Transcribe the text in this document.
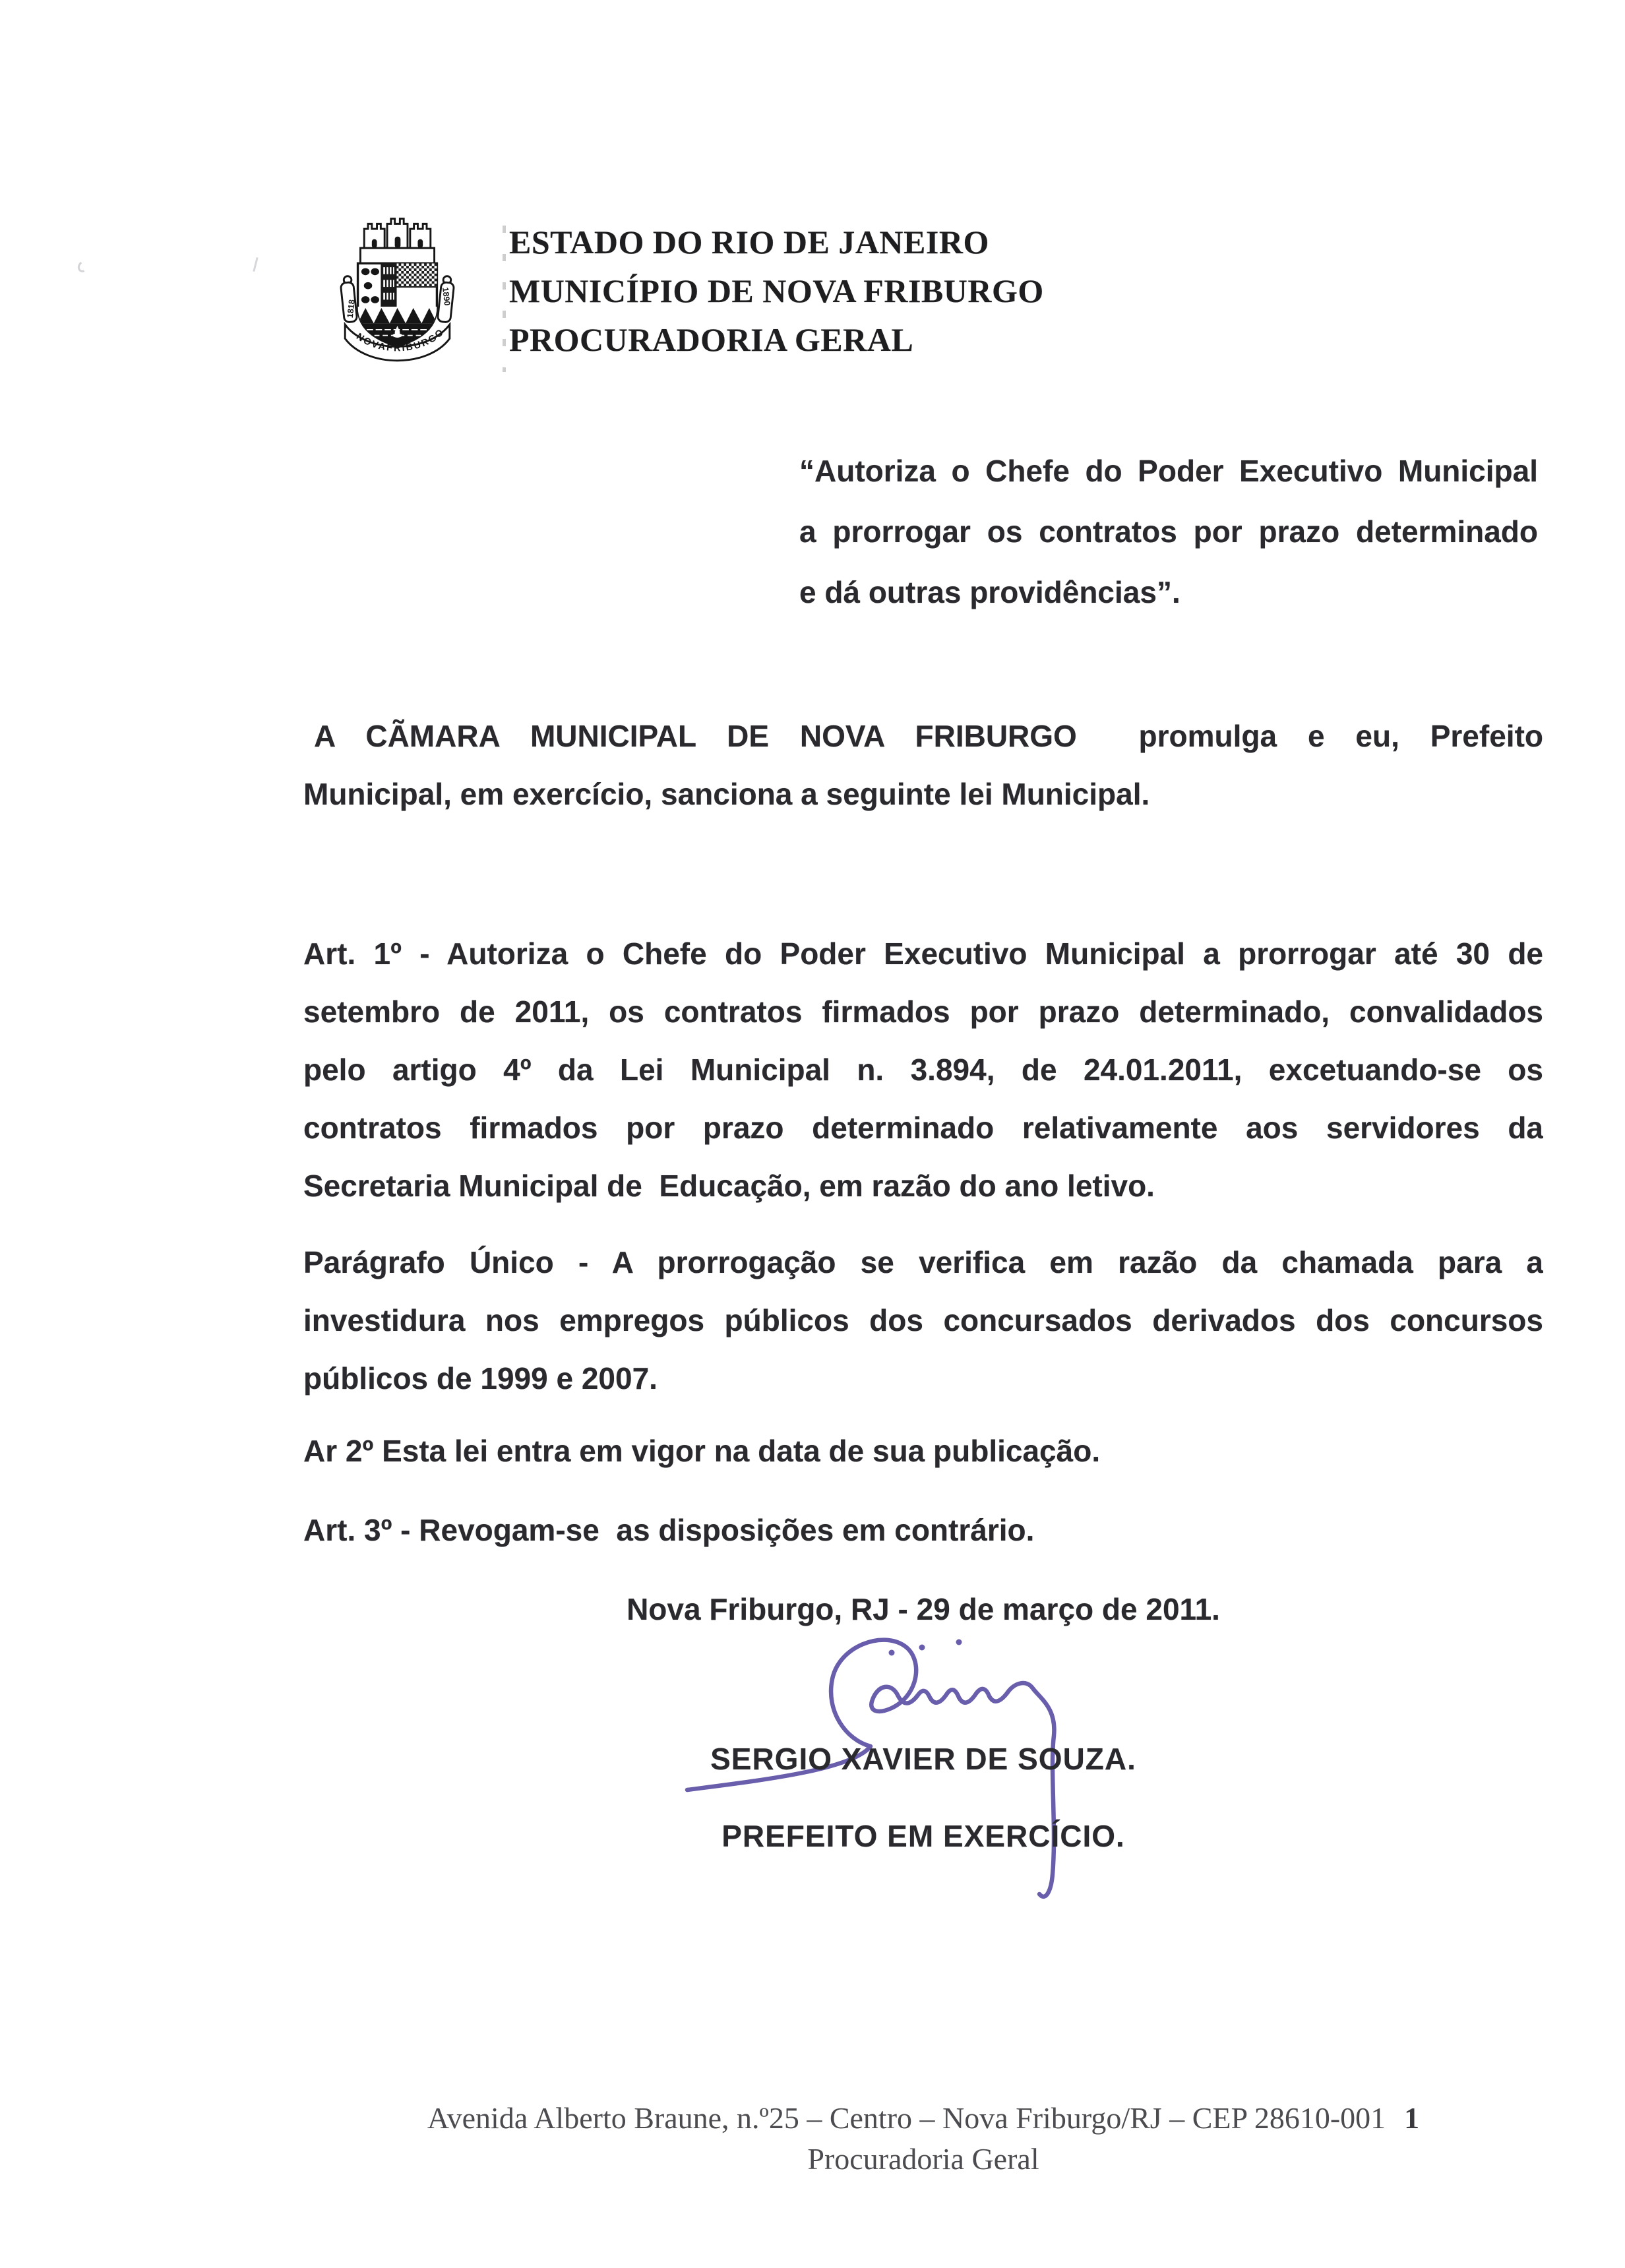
1818
1890
NOVAFRIBURGO
ESTADO DO RIO DE JANEIRO
MUNICÍPIO DE NOVA FRIBURGO
PROCURADORIA GERAL
“Autoriza o Chefe do Poder Executivo Municipal
a prorrogar os contratos por prazo determinado
e dá outras providências”.
A CÃMARA MUNICIPAL DE NOVA FRIBURGO  promulga e eu, Prefeito
Municipal, em exercício, sanciona a seguinte lei Municipal.
Art. 1º - Autoriza o Chefe do Poder Executivo Municipal a prorrogar até 30 de
setembro de 2011, os contratos firmados por prazo determinado, convalidados
pelo artigo 4º da Lei Municipal n. 3.894, de 24.01.2011, excetuando-se os
contratos firmados por prazo determinado relativamente aos servidores da
Secretaria Municipal de  Educação, em razão do ano letivo.
Parágrafo Único - A prorrogação se verifica em razão da chamada para a
investidura nos empregos públicos dos concursados derivados dos concursos
públicos de 1999 e 2007.
Ar 2º Esta lei entra em vigor na data de sua publicação.
Art. 3º - Revogam-se  as disposições em contrário.
Nova Friburgo, RJ - 29 de março de 2011.
SERGIO XAVIER DE SOUZA.
PREFEITO EM EXERCÍCIO.
Avenida Alberto Braune, n.º25 – Centro – Nova Friburgo/RJ – CEP 28610-001 1
Procuradoria Geral
